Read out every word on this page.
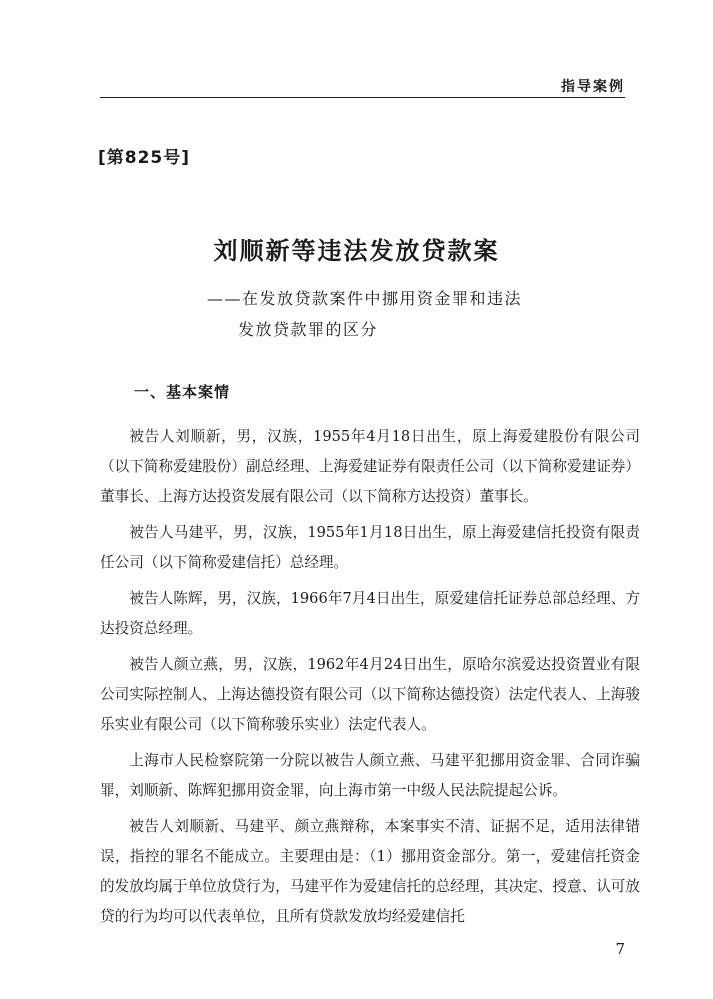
指导案例
[第825号]
刘顺新等违法发放贷款案
——在发放贷款案件中挪用资金罪和违法
发放贷款罪的区分
一、基本案情

被告人刘顺新，男，汉族，1955年4月18日出生，原上海爱建股份有限公司（以下简称爱建股份）副总经理、上海爱建证券有限责任公司（以下简称爱建证券）董事长、上海方达投资发展有限公司（以下简称方达投资）董事长。

被告人马建平，男，汉族，1955年1月18日出生，原上海爱建信托投资有限责任公司（以下简称爱建信托）总经理。

被告人陈辉，男，汉族，1966年7月4日出生，原爱建信托证券总部总经理、方达投资总经理。

被告人颜立燕，男，汉族，1962年4月24日出生，原哈尔滨爱达投资置业有限公司实际控制人、上海达德投资有限公司（以下简称达德投资）法定代表人、上海骏乐实业有限公司（以下简称骏乐实业）法定代表人。

上海市人民检察院第一分院以被告人颜立燕、马建平犯挪用资金罪、合同诈骗罪，刘顺新、陈辉犯挪用资金罪，向上海市第一中级人民法院提起公诉。

被告人刘顺新、马建平、颜立燕辩称，本案事实不清、证据不足，适用法律错误，指控的罪名不能成立。主要理由是：（1）挪用资金部分。第一，爱建信托资金的发放均属于单位放贷行为，马建平作为爱建信托的总经理，其决定、授意、认可放贷的行为均可以代表单位，且所有贷款发放均经爱建信托

7
